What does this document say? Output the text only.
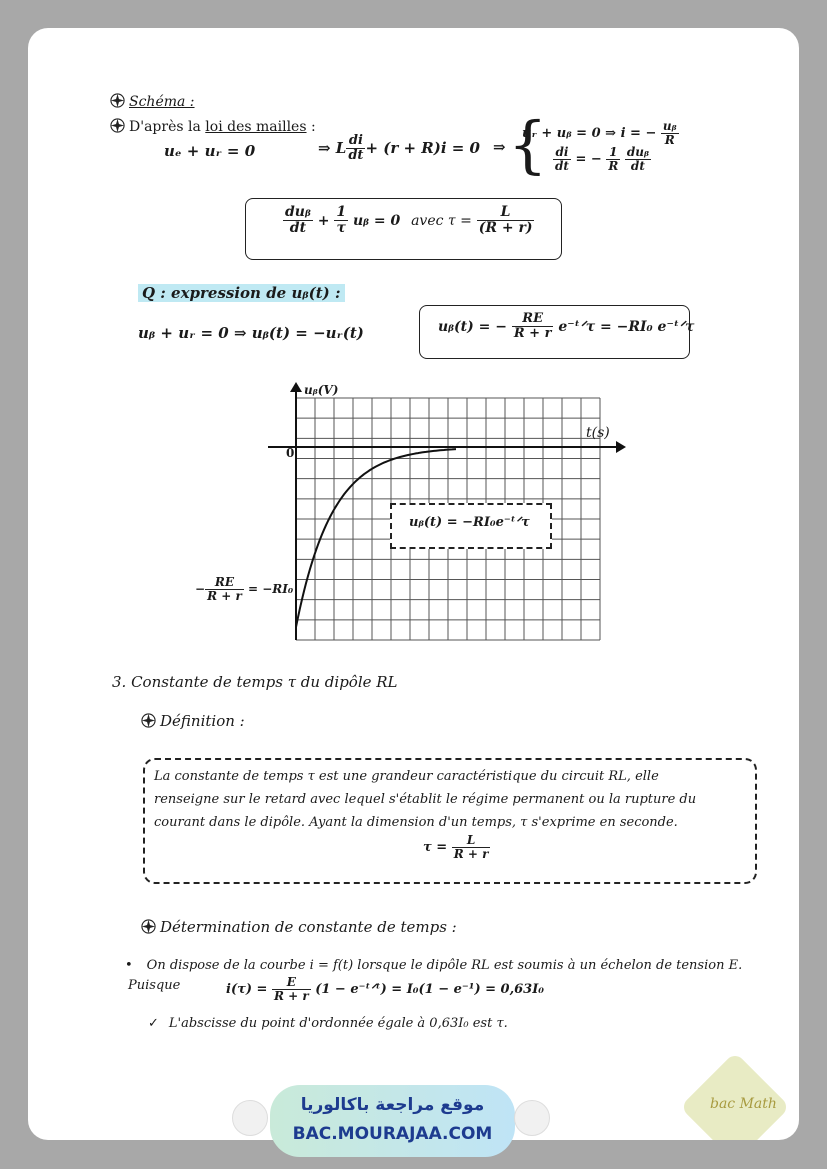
Schéma :
D'après la loi des mailles :
uₑ + uᵣ = 0	⇒ L $\frac{di}{dt} + (r + R)i = 0$ ⇒ {
uᵣ + uᵦ = 0 ⇒ i = − $\frac{\text{uᵦ}}{R}$
$\frac{di}{dt}$ = − $\frac{1}{R}$
$\frac{\text{duᵦ}}{dt}$
$\frac{\text{duᵦ}}{dt} + \frac{1}{\tau}$ uᵦ = 0 avec $\tau = \frac{L}{(R + r)}$
Q : expression de uᵦ(t) :
uᵦ + uᵣ = 0 ⇒ uᵦ(t) = −uᵣ(t)	uᵦ(t) = − $\frac{RE}{R + r}$ e⁻ᵗᐟτ = −RI₀ e⁻ᵗᐟτ
uᵦ(V)
t(s)
0
uᵦ(t) = −RI₀e⁻ᵗᐟτ
− $\frac{RE}{R + r} = -RI_0$
3. Constante de temps τ du dipôle RL
Définition :
La constante de temps τ est une grandeur caractéristique du circuit RL, elle
renseigne sur le retard avec lequel s'établit le régime permanent ou la rupture du
courant dans le dipôle. Ayant la dimension d'un temps, τ s'exprime en seconde.
$\tau = \frac{L}{R + r}$
Détermination de constante de temps :
• On dispose de la courbe i = f(t) lorsque le dipôle RL est soumis à un échelon de tension E.
Puisque	$i(\tau) = \frac{E}{R + r} (1$ − e⁻ᵗᐟᵗ) = I₀(1 − e⁻¹) = 0,63I₀
✓ L'abscisse du point d'ordonnée égale à 0,63I₀ est τ.
bac Math
موقع مراجعة باكالوريا
BAC.MOURAJAA.COM
